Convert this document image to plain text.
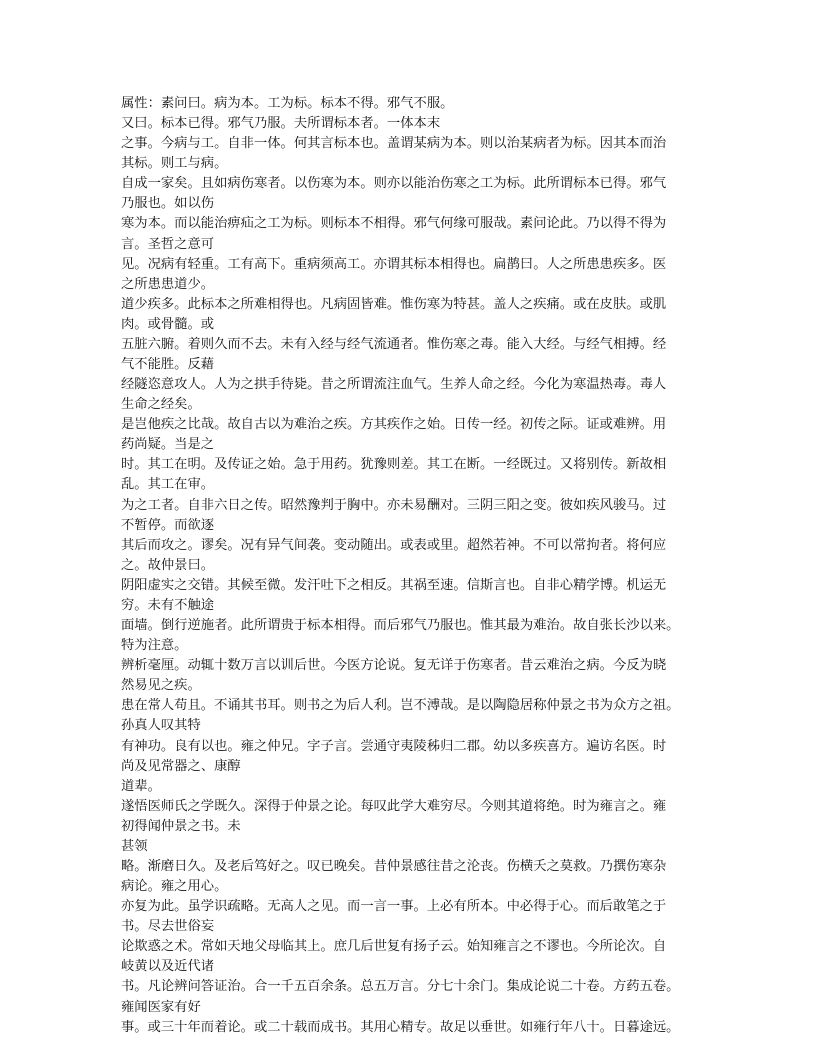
属性：素问曰。病为本。工为标。标本不得。邪气不服。
又曰。标本已得。邪气乃服。夫所谓标本者。一体本末
之事。今病与工。自非一体。何其言标本也。盖谓某病为本。则以治某病者为标。因其本而治
其标。则工与病。
自成一家矣。且如病伤寒者。以伤寒为本。则亦以能治伤寒之工为标。此所谓标本已得。邪气
乃服也。如以伤
寒为本。而以能治痹疝之工为标。则标本不相得。邪气何缘可服哉。素问论此。乃以得不得为
言。圣哲之意可
见。况病有轻重。工有高下。重病须高工。亦谓其标本相得也。扁鹊曰。人之所患患疾多。医
之所患患道少。
道少疾多。此标本之所难相得也。凡病固皆难。惟伤寒为特甚。盖人之疾痛。或在皮肤。或肌
肉。或骨髓。或
五脏六腑。着则久而不去。未有入经与经气流通者。惟伤寒之毒。能入大经。与经气相搏。经
气不能胜。反藉
经隧恣意攻人。人为之拱手待毙。昔之所谓流注血气。生养人命之经。今化为寒温热毒。毒人
生命之经矣。
是岂他疾之比哉。故自古以为难治之疾。方其疾作之始。日传一经。初传之际。证或难辨。用
药尚疑。当是之
时。其工在明。及传证之始。急于用药。犹豫则差。其工在断。一经既过。又将别传。新故相
乱。其工在审。
为之工者。自非六日之传。昭然豫判于胸中。亦未易酬对。三阴三阳之变。彼如疾风骏马。过
不暂停。而欲逐
其后而攻之。谬矣。况有异气间袭。变动随出。或表或里。超然若神。不可以常拘者。将何应
之。故仲景曰。
阴阳虚实之交错。其候至微。发汗吐下之相反。其祸至速。信斯言也。自非心精学博。机运无
穷。未有不触途
面墙。倒行逆施者。此所谓贵于标本相得。而后邪气乃服也。惟其最为难治。故自张长沙以来。
特为注意。
辨析毫厘。动辄十数万言以训后世。今医方论说。复无详于伤寒者。昔云难治之病。今反为晓
然易见之疾。
患在常人苟且。不诵其书耳。则书之为后人利。岂不溥哉。是以陶隐居称仲景之书为众方之祖。
孙真人叹其特
有神功。良有以也。雍之仲兄。字子言。尝通守夷陵秭归二郡。幼以多疾喜方。遍访名医。时
尚及见常器之、康醇
道辈。
遂悟医师氏之学既久。深得于仲景之论。每叹此学大难穷尽。今则其道将绝。时为雍言之。雍
初得闻仲景之书。未
甚领
略。渐磨日久。及老后笃好之。叹已晚矣。昔仲景感往昔之沦丧。伤横夭之莫救。乃撰伤寒杂
病论。雍之用心。
亦复为此。虽学识疏略。无高人之见。而一言一事。上必有所本。中必得于心。而后敢笔之于
书。尽去世俗妄
论欺惑之术。常如天地父母临其上。庶几后世复有扬子云。始知雍言之不谬也。今所论次。自
岐黄以及近代诸
书。凡论辨问答证治。合一千五百余条。总五万言。分七十余门。集成论说二十卷。方药五卷。
雍闻医家有好
事。或三十年而着论。或二十载而成书。其用心精专。故足以垂世。如雍行年八十。日暮途远。
